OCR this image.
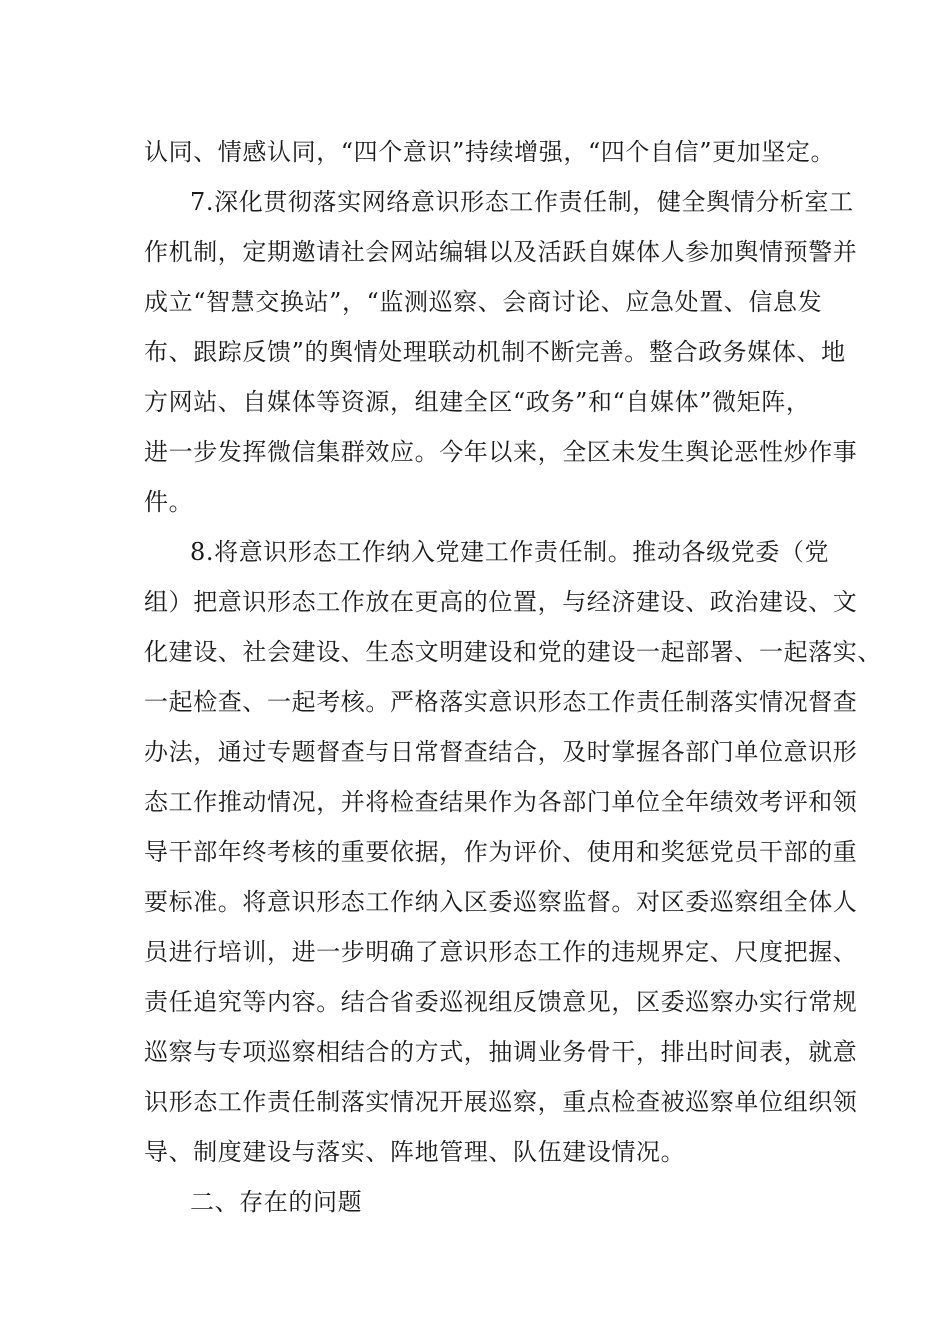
认同、情感认同，“四个意识”持续增强，“四个自信”更加坚定。
7.深化贯彻落实网络意识形态工作责任制，健全舆情分析室工
作机制，定期邀请社会网站编辑以及活跃自媒体人参加舆情预警并
成立“智慧交换站”，“监测巡察、会商讨论、应急处置、信息发
布、跟踪反馈”的舆情处理联动机制不断完善。整合政务媒体、地
方网站、自媒体等资源，组建全区“政务”和“自媒体”微矩阵，
进一步发挥微信集群效应。今年以来，全区未发生舆论恶性炒作事
件。
8.将意识形态工作纳入党建工作责任制。推动各级党委（党
组）把意识形态工作放在更高的位置，与经济建设、政治建设、文
化建设、社会建设、生态文明建设和党的建设一起部署、一起落实、
一起检查、一起考核。严格落实意识形态工作责任制落实情况督查
办法，通过专题督查与日常督查结合，及时掌握各部门单位意识形
态工作推动情况，并将检查结果作为各部门单位全年绩效考评和领
导干部年终考核的重要依据，作为评价、使用和奖惩党员干部的重
要标准。将意识形态工作纳入区委巡察监督。对区委巡察组全体人
员进行培训，进一步明确了意识形态工作的违规界定、尺度把握、
责任追究等内容。结合省委巡视组反馈意见，区委巡察办实行常规
巡察与专项巡察相结合的方式，抽调业务骨干，排出时间表，就意
识形态工作责任制落实情况开展巡察，重点检查被巡察单位组织领
导、制度建设与落实、阵地管理、队伍建设情况。
二、存在的问题
